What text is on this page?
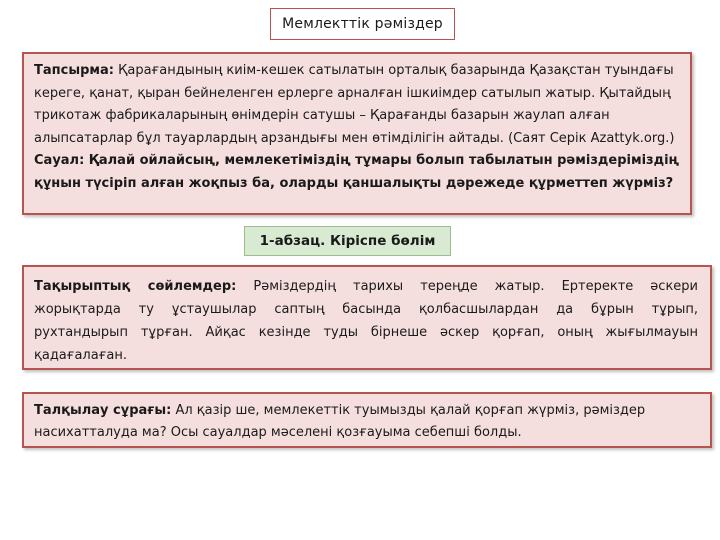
Мемлекттік рәміздер
Тапсырма: Қарағандының киім-кешек сатылатын орталық базарында Қазақстан туындағы кереге, қанат, қыран бейнеленген ерлерге арналған ішкиімдер сатылып жатыр. Қытайдың трикотаж фабрикаларының өнімдерін сатушы – Қарағанды базарын жаулап алған алыпсатарлар бұл тауарлардың арзандығы мен өтімділігін айтады. (Саят Серік Azattyk.org.) Сауал: Қалай ойлайсың, мемлекетіміздің тұмары болып табылатын рәміздеріміздің құнын түсіріп алған жоқпыз ба, оларды қаншалықты дәрежеде құрметтеп жүрміз?
1-абзац. Кіріспе бөлім
Тақырыптық сөйлемдер: Рәміздердің тарихы тереңде жатыр. Ертеректе әскери жорықтарда ту ұстаушылар саптың басында қолбасшылардан да бұрын тұрып, рухтандырып тұрған. Айқас кезінде туды бірнеше әскер қорғап, оның жығылмауын қадағалаған.
Талқылау сұрағы: Ал қазір ше, мемлекеттік туымызды қалай қорғап жүрміз, рәміздер насихатталуда ма? Осы сауалдар мәселені қозғауыма себепші болды.
